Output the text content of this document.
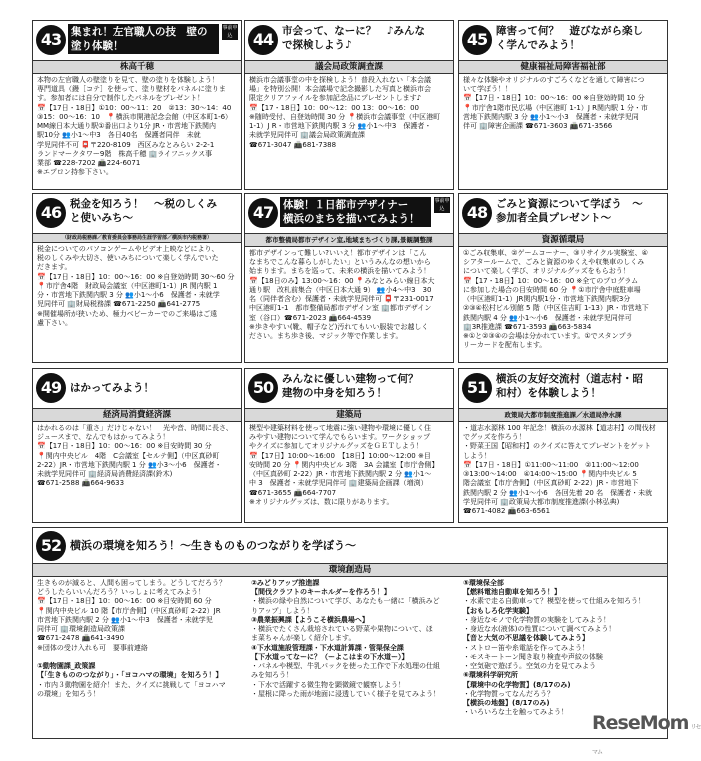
43 集まれ！左官職人の技　壁の塗り体験！
事前申込
株高千穂

本物の左官職人の壁塗りを見て、壁の塗りを体験しよう！

専門道具（鏝［コテ］を使って、塗り壁材をパネルに塗りま

す。参加者には自分で制作したパネルをプレゼント！

📅【17日・18日】①10：00～11：20　②13：30～14：40

③15：00～16：10　📍横浜市開港記念会館（中区本町1-6）

MM線日本大通り駅①番出口より1分 JR・市営地下鉄関内

駅10分 👥小1～中3　各日40名　保護者同伴　未就

学児同伴不可 📮〒220-8109　西区みなとみらい 2-2-1

ランドマークタワー9階　株高千穂 🏢ライフニックス事

業部 ☎228-7202 📠224-6071

※エプロン持参下さい。

44 市会って、なーに？　♪みんなで探検しよう♪
議会局政策調査課

横浜市会議事堂の中を探検しよう！普段入れない「本会議

場」を特別公開！本会議場で記念撮影した写真と横浜市会

限定クリアファイルを参加記念品にプレゼントします♪

📅【17・18日】10：00～12：00 13：00～16：00

※随時受付、自登効時間 30 分 📍横浜市会議事堂（中区港町

1-1）J R・市営地下鉄関内駅 3 分 👥小1～中3　保護者・

未就学児同伴可 🏢議会局政策調査課

☎671-3047 📠681-7388

45 障害って何？　遊びながら楽しく学んでみよう！
健康福祉局障害福祉部

様々な体験やオリジナルのすごろくなどを通して障害につ

いて学ぼう！！

📅【17日・18日】10：00～16：00 ※自登効時間 10 分

📍市庁舎1階市民広場（中区港町 1-1）J R関内駅 1 分・市

営地下鉄関内駅 3 分 👥小1～小3　保護者・未就学児同

伴可 🏢障害企画課 ☎671-3603 📠671-3566

46 税金を知ろう！　～税のしくみと使いみち～
（財政局税務課／教育委員会事務局生涯学習部／横浜市内税務署）

税金についてのパソコンゲームやビデオ上映などにより、

税のしくみや大切さ、使いみちについて楽しく学んでいた

だきます。

📅【17日・18日】10：00～16：00 ※自登効時間 30～60 分

📍市庁舎4階　財政局会議室（中区港町1-1）JR 関内駅 1

分・市営地下鉄関内駅 3 分 👥小1～小6　保護者・未就学

児同伴可 🏢財局税務課 ☎671-2250 📠641-2775

※開催場所が狭いため、極力ベビーカーでのご来場はご遠

慮下さい。

47 体験！１日都市デザイナー　横浜のまちを描いてみよう！
事前申込
都市整備局都市デザイン室,地域まちづくり課,景観調整課

都市デザインって難しい?いいえ！都市デザインは「こん

なまちでこんな暮らしがしたい」というみんなの想いから

始まります。まちを巡って、未来の横浜を描いてみよう！

📅【18日のみ】13:00～16：00 📍みなとみらい線日本大

通り駅　改札前集合（中区日本大通 9） 👥小4～中3　30

名（同伴者含む）保護者・未就学児同伴可 📮〒231-0017

中区港町1-1　都市整備局都市デザイン室 🏢都市デザイン

室（谷口）☎671-2023 📠664-4539

※歩きやすい(靴、帽子など)汚れてもいい服装でお越しく

ださい。まち歩き後、マジック等で作業します。

48 ごみと資源について学ぼう　～参加者全員プレゼント～
資源循環局

①ごみ収集車、②ゲームコーナー、③リサイクル実験室、④

シアタールームで、ごみと資源のゆくえや収集車のしくみ

について楽しく学び、オリジナルグッズをもらおう！

📅【17・18日】10：00～16：00 ※全てのプログラム

に参加した場合の目安時間 60 分 📍①市庁舎中庭駐車場

（中区港町1-1）JR関内駅1分・市営地下鉄関内駅3分

②③④松村ビル別館 5 階（中区住吉町 1-13）JR・市営地下

鉄関内駅 4 分 👥小1～小6　保護者・未就学児同伴可

🏢3R推進課 ☎671-3593 📠663-5834

※①と②③④の会場は分かれています。①でスタンプラ

リーカードを配布します。

49 はかってみよう！
経済局消費経済課

はかれるのは「重さ」だけじゃない！　光や音、時間に長さ、

ジュースまで、なんでもはかってみよう！

📅【17日・18日】10：00～16：00 ※目安時間 30 分

📍関内中央ビル　4階　C会議室【セルテ側】（中区真砂町

2-22）JR・市営地下鉄関内駅 1 分 👥小3～小6　保護者・

未就学児同伴可 🏢経済局消費経済課(鈴木)

☎671-2588 📠664-9633

50 みんなに優しい建物って何？　建物の中身を知ろう！
建築局

模型や建築材料を使って地震に強い建物や環境に優しく住

みやすい建物について学んでもらいます。ワークショップ

やクイズに参加してオリジナルグッズをＧＥＴしよう！

📅【17日】10:00～16:00　【18日】10:00～12:00 ※目

安時間 20 分 📍関内中央ビル 3階　3A 会議室【市庁舎側】

（中区真砂町 2-22）JR・市営地下鉄関内駅 2 分 👥小1～

中 3　保護者・未就学児同伴可 🏢建築局企画課（増渕）

☎671-3655 📠664-7707

※オリジナルグッズは、数に限りがあります。

51 横浜の友好交流村（道志村・昭和村）を体験しよう！
政策局大都市制度推進課／水道局浄水課

・道志水源林 100 年記念！横浜の水源林【道志村】の間伐材

でグッズを作ろう！

・野菜王国【昭和村】のクイズに答えてプレゼントをゲット

しよう！

📅【17日・18日】①11:00～11:00　②11:00～12:00

③13:00～14:00　④14:00～15:00 📍関内中央ビル 5

階会議室【市庁舎側】（中区真砂町 2-22）JR・市営地下

鉄関内駅 2 分 👥小1～小6　各回先着 20 名　保護者・未就

学児同伴可 🏢政策局大都市制度推進課(小林弘典)

☎671-4082 📠663-6561

52 横浜の環境を知ろう！～生きものものつながりを学ぼう～
環境創造局

生きものが減ると、人間も困ってしまう。どうしてだろう？

どうしたらいいんだろう？いっしょに考えてみよう！

📅【17日・18日】10：00～16：00 ※目安時間 60 分

📍関内中央ビル 10 階【市庁舎側】（中区真砂町 2-22）JR

市営地下鉄関内駅 2 分 👥小1～中3　保護者・未就学児

同伴可 🏢環境創造局政策課

☎671-2478 📠641-3490

※団体の受け入れも可　要事前連絡

①動物園課_政策課

【「生きもののつながり」・「ヨコハマの環境」を知ろう！】

・市内３動物園を紹介！また、クイズに挑戦して「ヨコハマ

の環境」を知ろう！

②みどりアップ推進課

【間伐クラフトのキーホルダーを作ろう！】

・横浜の緑や自然について学び、あなたも一緒に「横浜みど

りアップ」しよう！

③農業振興課【ようこそ横浜農場へ】

・横浜でたくさん栽培されている野菜や果物について、ほ

ま菜ちゃんが楽しく紹介します。

④下水道施設管理課・下水道計算課・管渠保全課

【下水道ってなーに？（ーよこはまの下水道ー）】

・パネルや模型、牛乳パックを使った工作で下水処理の仕組

みを知ろう！

・下水で活躍する微生物を顕微鏡で観察しよう！

・屋根に降った雨が地面に浸透していく様子を見てみよう！

⑤環境保全部

【燃料電池自動車を知ろう！】

・水素で走る自動車って？模型を使って仕組みを知ろう！

【おもしろ化学実験】

・身近なモノで化学物質の実験をしてみよう！

・身近な水(液体)の性質について調べてみよう！

【音と大気の不思議を体験してみよう】

・ストロー笛や糸電話を作ってみよう！

・モスキートーン聞き取り検査や声紋の体験

・空気砲で遊ぼう。空気の力を見てみよう

⑥環境科学研究所

【環境中の化学物質】(8/17のみ)

・化学物質ってなんだろう？

【横浜の地盤】(8/17のみ)

・いろいろな土を触ってみよう！	ReseMom リセマム
